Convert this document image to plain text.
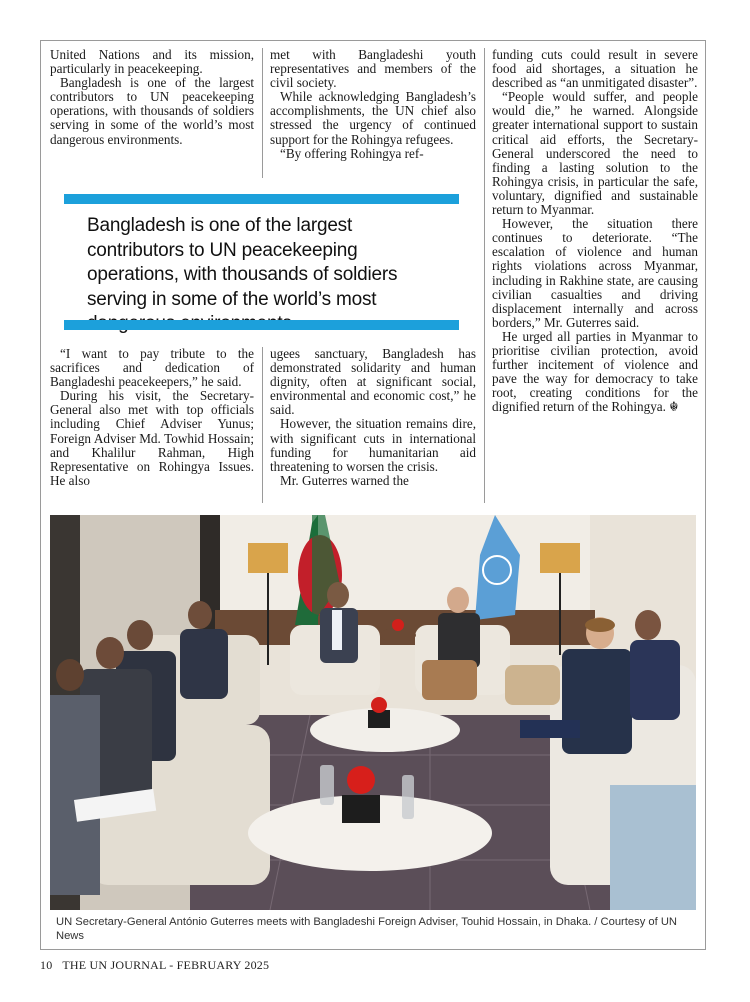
United Nations and its mission, particularly in peacekeeping.

Bangladesh is one of the largest contributors to UN peacekeeping operations, with thousands of soldiers serving in some of the world’s most dangerous environments.

met with Bangladeshi youth representatives and members of the civil society.

While acknowledging Bangladesh’s accomplishments, the UN chief also stressed the urgency of continued support for the Rohingya refugees.

“By offering Rohingya ref-

funding cuts could result in severe food aid shortages, a situation he described as “an unmitigated disaster”.

“People would suffer, and people would die,” he warned. Alongside greater international support to sustain critical aid efforts, the Secretary-General underscored the need to finding a lasting solution to the Rohingya crisis, in particular the safe, voluntary, dignified and sustainable return to Myanmar.

However, the situation there continues to deteriorate. “The escalation of violence and human rights violations across Myanmar, including in Rakhine state, are causing civilian casualties and driving displacement internally and across borders,” Mr. Guterres said.

He urged all parties in Myanmar to prioritise civilian protection, avoid further incitement of violence and pave the way for democracy to take root, creating conditions for the dignified return of the Rohingya. ☬

Bangladesh is one of the largest contributors to UN peacekeeping operations, with thousands of soldiers serving in some of the world’s most

“I want to pay tribute to the sacrifices and dedication of Bangladeshi peacekeepers,” he said.

During his visit, the Secretary-General also met with top officials including Chief Adviser Yunus; Foreign Adviser Md. Towhid Hossain; and Khalilur Rahman, High Representative on Rohingya Issues. He also

ugees sanctuary, Bangladesh has demonstrated solidarity and human dignity, often at significant social, environmental and economic cost,” he said.

However, the situation remains dire, with significant cuts in international funding for humanitarian aid threatening to worsen the crisis.

Mr. Guterres warned the

UN Secretary-General António Guterres meets with Bangladeshi Foreign Adviser, Touhid Hossain, in Dhaka. / Courtesy of UN News
10 THE UN JOURNAL - FEBRUARY 2025
